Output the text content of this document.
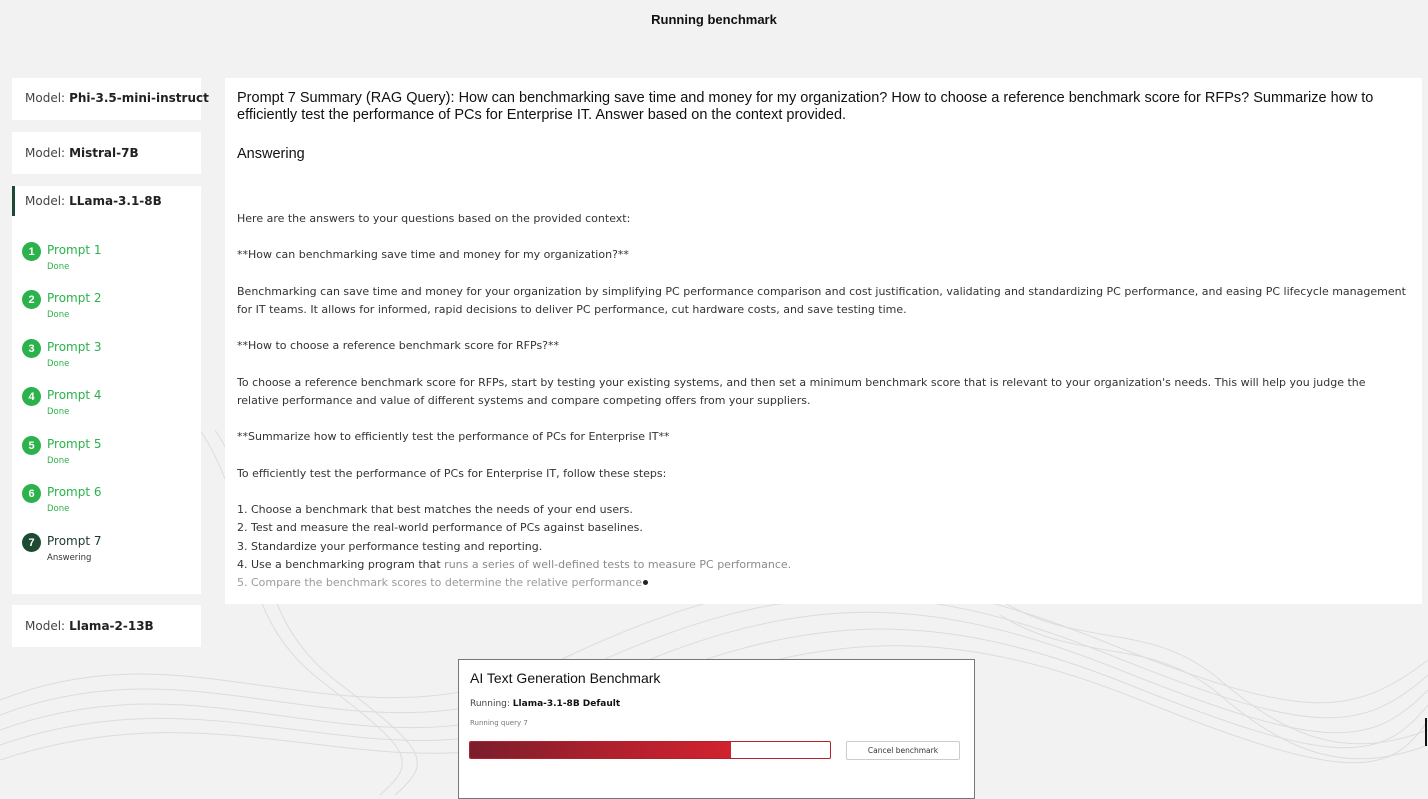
Running benchmark
Model: Phi-3.5-mini-instruct
Model: Mistral-7B
Model: LLama-3.1-8B
1	Prompt 1
Done
2	Prompt 2
Done
3	Prompt 3
Done
4	Prompt 4
Done
5	Prompt 5
Done
6	Prompt 6
Done
7	Prompt 7
Answering
Model: Llama-2-13B
Prompt 7 Summary (RAG Query): How can benchmarking save time and money for my organization? How to choose a reference benchmark score for RFPs? Summarize how to efficiently test the performance of PCs for Enterprise IT. Answer based on the context provided.
Answering

Here are the answers to your questions based on the provided context:

**How can benchmarking save time and money for my organization?**

Benchmarking can save time and money for your organization by simplifying PC performance comparison and cost justification, validating and standardizing PC performance, and easing PC lifecycle management for IT teams. It allows for informed, rapid decisions to deliver PC performance, cut hardware costs, and save testing time.

**How to choose a reference benchmark score for RFPs?**

To choose a reference benchmark score for RFPs, start by testing your existing systems, and then set a minimum benchmark score that is relevant to your organization's needs. This will help you judge the relative performance and value of different systems and compare competing offers from your suppliers.

**Summarize how to efficiently test the performance of PCs for Enterprise IT**

To efficiently test the performance of PCs for Enterprise IT, follow these steps:

1. Choose a benchmark that best matches the needs of your end users.
2. Test and measure the real-world performance of PCs against baselines.
3. Standardize your performance testing and reporting.
4. Use a benchmarking program that runs a series of well-defined tests to measure PC performance.
5. Compare the benchmark scores to determine the relative performance
AI Text Generation Benchmark
Running: Llama-3.1-8B Default
Running query 7
Cancel benchmark
